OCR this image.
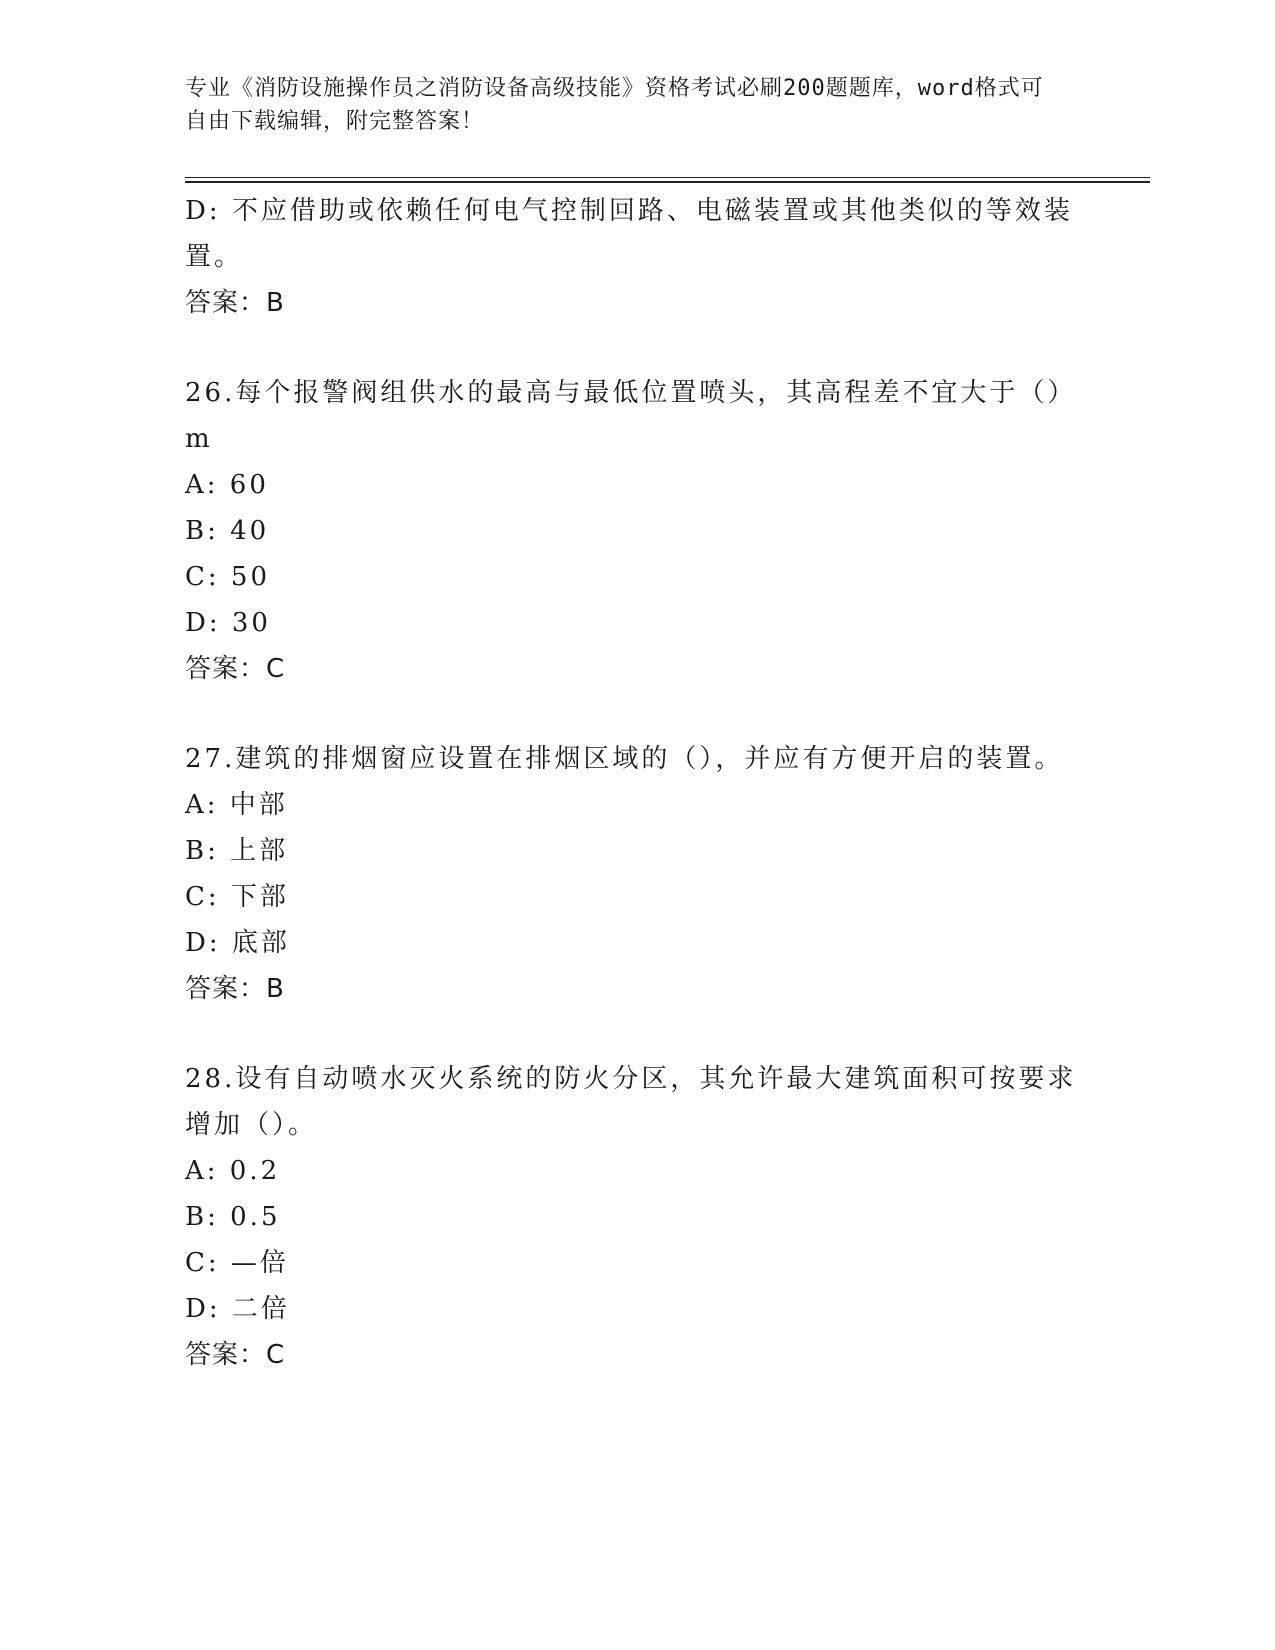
专业《消防设施操作员之消防设备高级技能》资格考试必刷200题题库，word格式可自由下载编辑，附完整答案！
D: 不应借助或依赖任何电气控制回路、电磁装置或其他类似的等效装置。
答案：B
26.每个报警阀组供水的最高与最低位置喷头，其高程差不宜大于（）m
A: 60
B: 40
C: 50
D: 30
答案：C
27.建筑的排烟窗应设置在排烟区域的（），并应有方便开启的装置。
A: 中部
B: 上部
C: 下部
D: 底部
答案：B
28.设有自动喷水灭火系统的防火分区，其允许最大建筑面积可按要求增加（）。
A: 0.2
B: 0.5
C: —倍
D: 二倍
答案：C
